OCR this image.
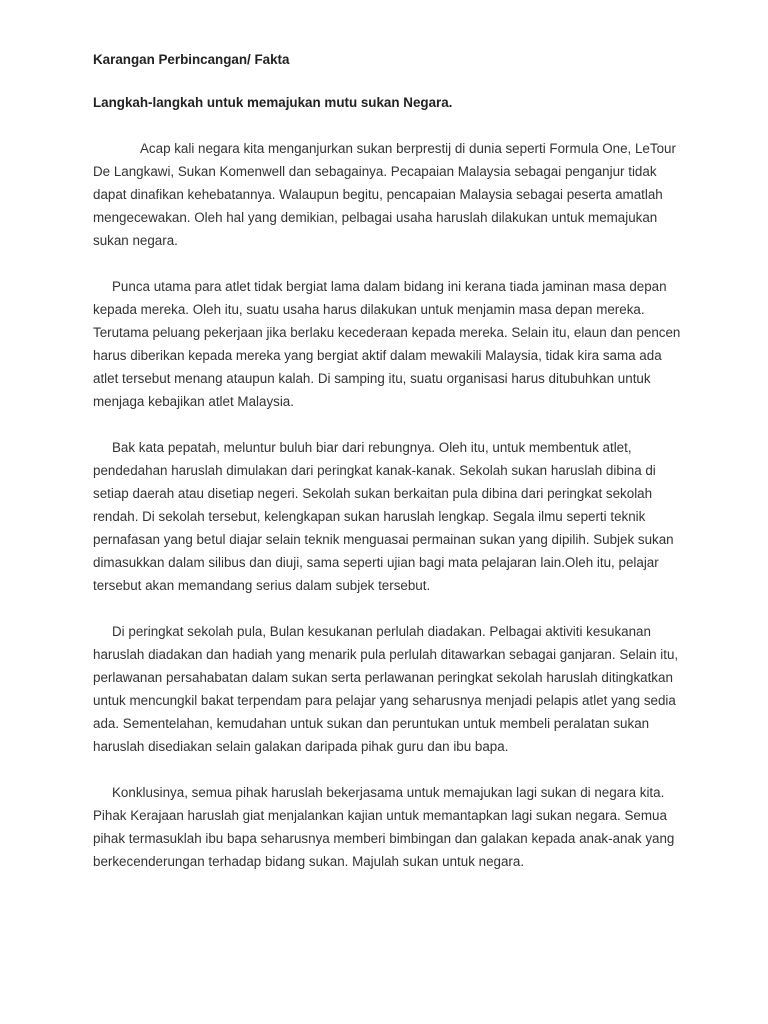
Karangan Perbincangan/ Fakta

Langkah-langkah untuk memajukan mutu sukan Negara.

Acap kali negara kita menganjurkan sukan berprestij di dunia seperti Formula One, LeTour De Langkawi, Sukan Komenwell dan sebagainya. Pecapaian Malaysia sebagai penganjur tidak dapat dinafikan kehebatannya. Walaupun begitu, pencapaian Malaysia sebagai peserta amatlah mengecewakan. Oleh hal yang demikian, pelbagai usaha haruslah dilakukan untuk memajukan sukan negara.

Punca utama para atlet tidak bergiat lama dalam bidang ini kerana tiada jaminan masa depan kepada mereka. Oleh itu, suatu usaha harus dilakukan untuk menjamin masa depan mereka. Terutama peluang pekerjaan jika berlaku kecederaan kepada mereka. Selain itu, elaun dan pencen harus diberikan kepada mereka yang bergiat aktif dalam mewakili Malaysia, tidak kira sama ada atlet tersebut menang ataupun kalah. Di samping itu, suatu organisasi harus ditubuhkan untuk menjaga kebajikan atlet Malaysia.

Bak kata pepatah, meluntur buluh biar dari rebungnya. Oleh itu, untuk membentuk atlet, pendedahan haruslah dimulakan dari peringkat kanak-kanak. Sekolah sukan haruslah dibina di setiap daerah atau disetiap negeri. Sekolah sukan berkaitan pula dibina dari peringkat sekolah rendah. Di sekolah tersebut, kelengkapan sukan haruslah lengkap. Segala ilmu seperti teknik pernafasan yang betul diajar selain teknik menguasai permainan sukan yang dipilih. Subjek sukan dimasukkan dalam silibus dan diuji, sama seperti ujian bagi mata pelajaran lain.Oleh itu, pelajar tersebut akan memandang serius dalam subjek tersebut.

Di peringkat sekolah pula, Bulan kesukanan perlulah diadakan. Pelbagai aktiviti kesukanan haruslah diadakan dan hadiah yang menarik pula perlulah ditawarkan sebagai ganjaran. Selain itu, perlawanan persahabatan dalam sukan serta perlawanan peringkat sekolah haruslah ditingkatkan untuk mencungkil bakat terpendam para pelajar yang seharusnya menjadi pelapis atlet yang sedia ada. Sementelahan, kemudahan untuk sukan dan peruntukan untuk membeli peralatan sukan haruslah disediakan selain galakan daripada pihak guru dan ibu bapa.

Konklusinya, semua pihak haruslah bekerjasama untuk memajukan lagi sukan di negara kita. Pihak Kerajaan haruslah giat menjalankan kajian untuk memantapkan lagi sukan negara. Semua pihak termasuklah ibu bapa seharusnya memberi bimbingan dan galakan kepada anak-anak yang berkecenderungan terhadap bidang sukan. Majulah sukan untuk negara.
